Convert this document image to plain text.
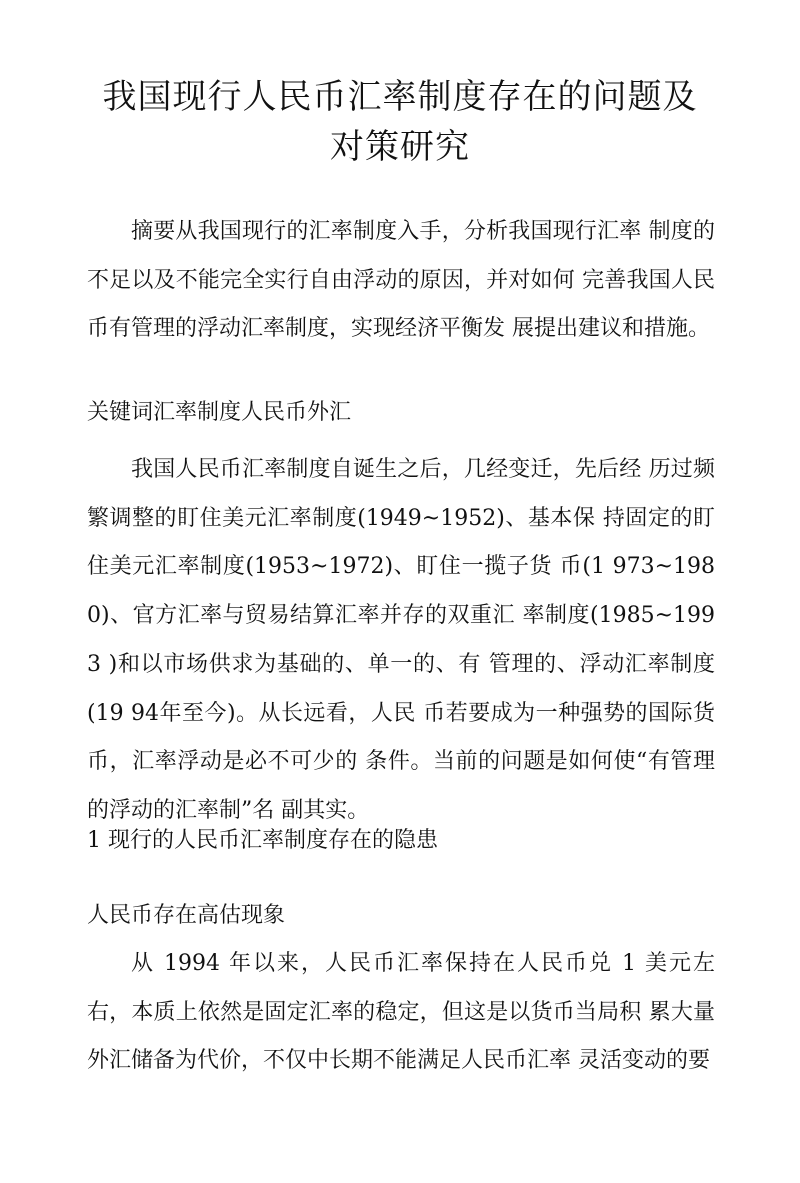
我国现行人民币汇率制度存在的问题及对策研究

摘要从我国现行的汇率制度入手，分析我国现行汇率 制度的不足以及不能完全实行自由浮动的原因，并对如何 完善我国人民币有管理的浮动汇率制度，实现经济平衡发 展提出建议和措施。

关键词汇率制度人民币外汇

我国人民币汇率制度自诞生之后，几经变迁，先后经 历过频繁调整的盯住美元汇率制度(1949~1952)、基本保 持固定的盯住美元汇率制度(1953~1972)、盯住一揽子货 币(1 973~1980)、官方汇率与贸易结算汇率并存的双重汇 率制度(1985~1993 )和以市场供求为基础的、单一的、有 管理的、浮动汇率制度(19 94年至今)。从长远看，人民 币若要成为一种强势的国际货币，汇率浮动是必不可少的 条件。当前的问题是如何使“有管理的浮动的汇率制”名 副其实。

1 现行的人民币汇率制度存在的隐患
人民币存在高估现象

从 1994 年以来，人民币汇率保持在人民币兑 1 美元左 右，本质上依然是固定汇率的稳定，但这是以货币当局积 累大量外汇储备为代价，不仅中长期不能满足人民币汇率 灵活变动的要
